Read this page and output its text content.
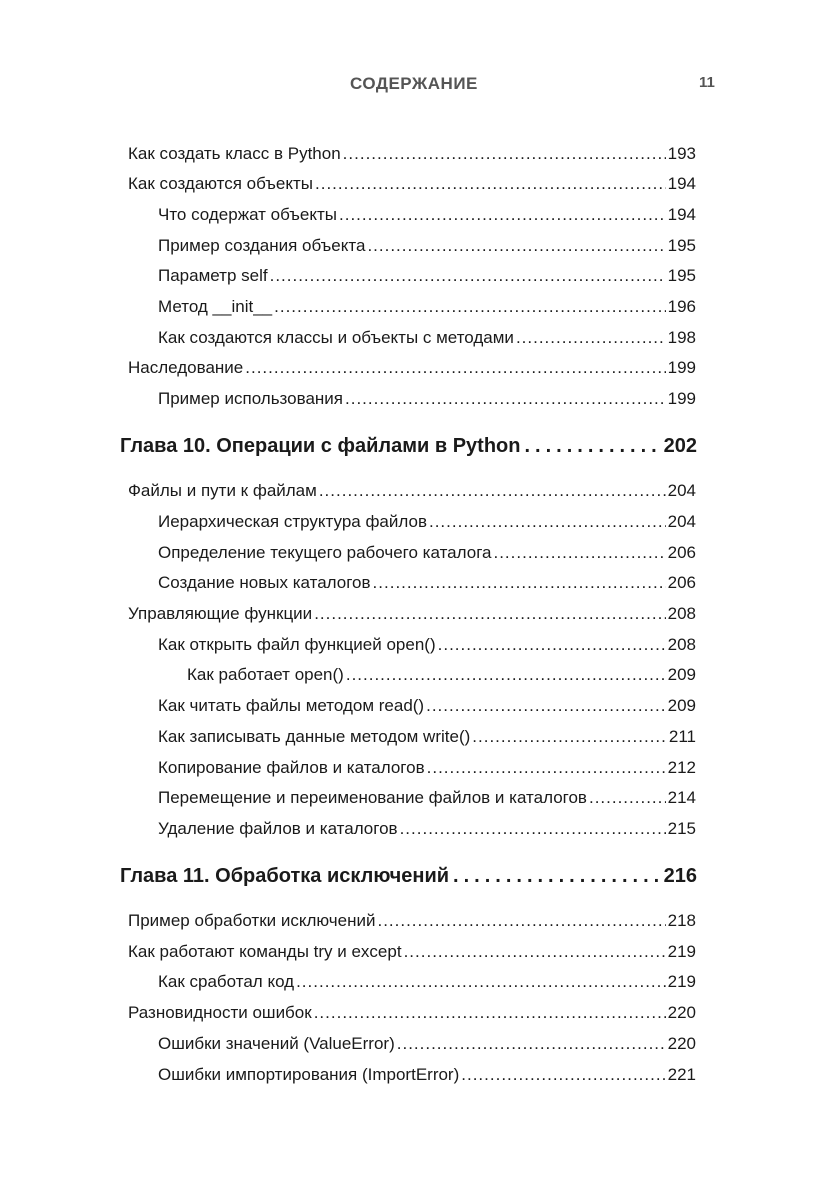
СОДЕРЖАНИЕ	11
Как создать класс в Python .....	193
Как создаются объекты .....	194
Что содержат объекты .....	194
Пример создания объекта .....	195
Параметр self .....	195
Метод __init__ .....	196
Как создаются классы и объекты с методами .....	198
Наследование .....	199
Пример использования .....	199
Глава 10. Операции с файлами в Python .....	202
Файлы и пути к файлам .....	204
Иерархическая структура файлов .....	204
Определение текущего рабочего каталога .....	206
Создание новых каталогов .....	206
Управляющие функции .....	208
Как открыть файл функцией open() .....	208
Как работает open() .....	209
Как читать файлы методом read() .....	209
Как записывать данные методом write() .....	211
Копирование файлов и каталогов .....	212
Перемещение и переименование файлов и каталогов .....	214
Удаление файлов и каталогов .....	215
Глава 11. Обработка исключений .....	216
Пример обработки исключений .....	218
Как работают команды try и except .....	219
Как сработал код .....	219
Разновидности ошибок .....	220
Ошибки значений (ValueError) .....	220
Ошибки импортирования (ImportError) .....	221
